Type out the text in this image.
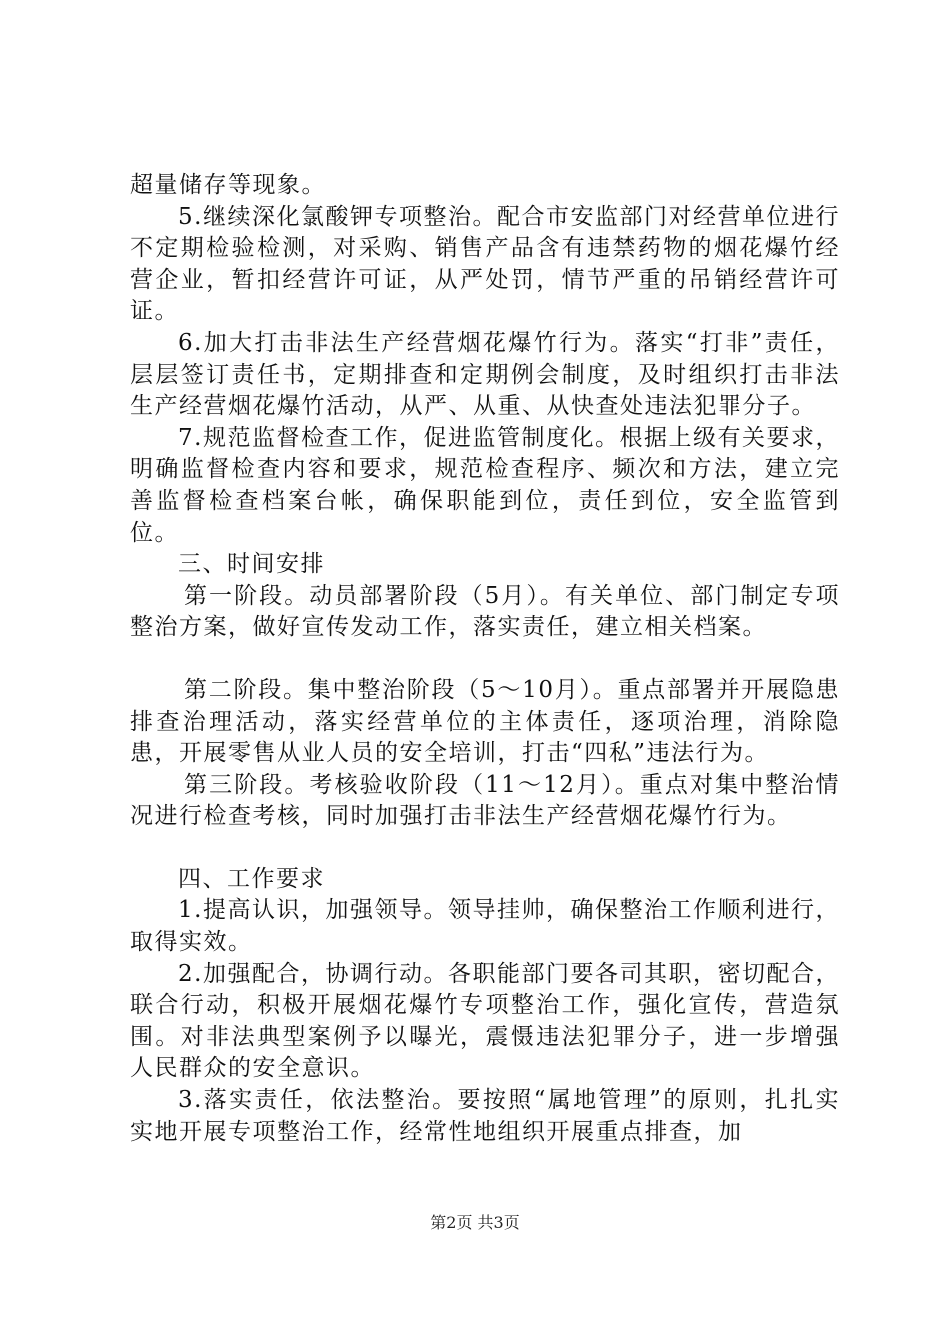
超量储存等现象。

5.继续深化氯酸钾专项整治。配合市安监部门对经营单位进行不定期检验检测，对采购、销售产品含有违禁药物的烟花爆竹经营企业，暂扣经营许可证，从严处罚，情节严重的吊销经营许可证。

6.加大打击非法生产经营烟花爆竹行为。落实“打非”责任，层层签订责任书，定期排查和定期例会制度，及时组织打击非法生产经营烟花爆竹活动，从严、从重、从快查处违法犯罪分子。

7.规范监督检查工作，促进监管制度化。根据上级有关要求，明确监督检查内容和要求，规范检查程序、频次和方法，建立完善监督检查档案台帐，确保职能到位，责任到位，安全监管到位。

三、时间安排

第一阶段。动员部署阶段（5月）。有关单位、部门制定专项整治方案，做好宣传发动工作，落实责任，建立相关档案。

第二阶段。集中整治阶段（5～10月）。重点部署并开展隐患排查治理活动，落实经营单位的主体责任，逐项治理，消除隐患，开展零售从业人员的安全培训，打击“四私”违法行为。

第三阶段。考核验收阶段（11～12月）。重点对集中整治情况进行检查考核，同时加强打击非法生产经营烟花爆竹行为。

四、工作要求

1.提高认识，加强领导。领导挂帅，确保整治工作顺利进行，取得实效。

2.加强配合，协调行动。各职能部门要各司其职，密切配合，联合行动，积极开展烟花爆竹专项整治工作，强化宣传，营造氛围。对非法典型案例予以曝光，震慑违法犯罪分子，进一步增强人民群众的安全意识。

3.落实责任，依法整治。要按照“属地管理”的原则，扎扎实实地开展专项整治工作，经常性地组织开展重点排查，加

第2页 共3页
